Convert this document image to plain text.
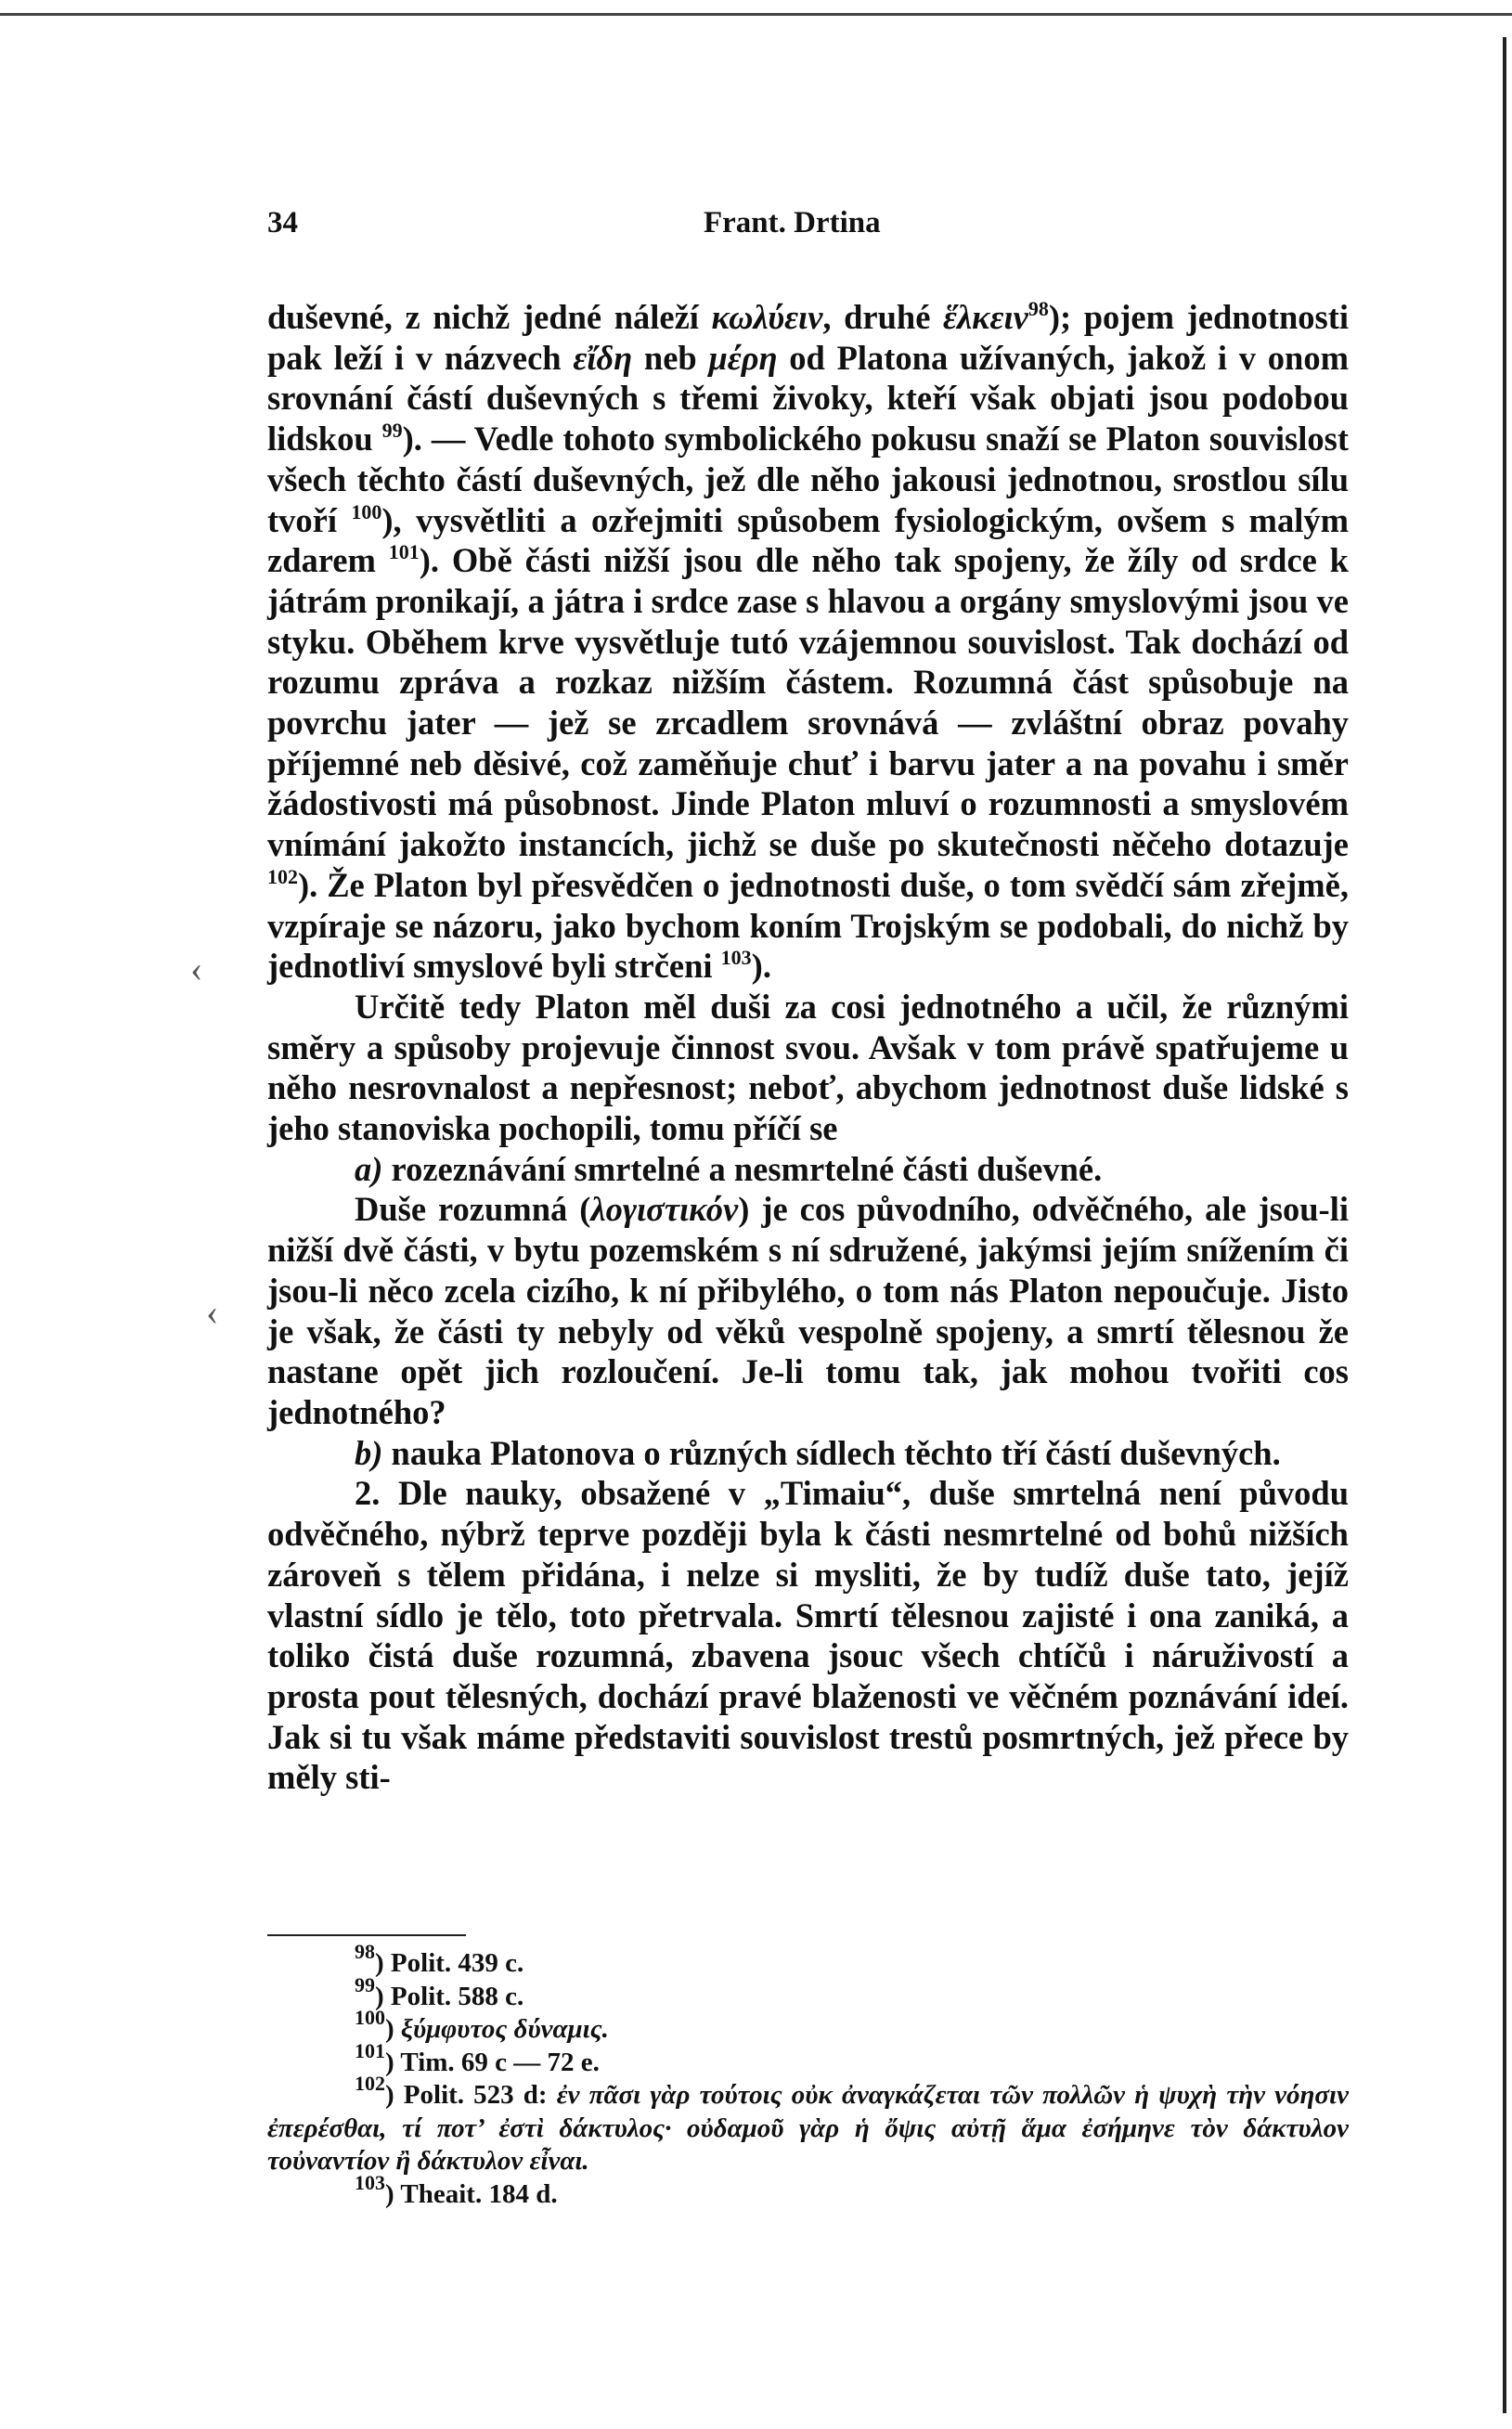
34	Frant. Drtina
‹
‹

duševné, z nichž jedné náleží κωλύειν, druhé ἕλκειν$^{98}$); pojem jednotnosti pak leží i v názvech εἴδη neb μέρη od Platona užívaných, jakož i v onom srovnání částí duševných s třemi živoky, kteří však objati jsou podobou lidskou $^{99}$). — Vedle tohoto symbolického pokusu snaží se Platon souvislost všech těchto částí duševných, jež dle něho jakousi jednotnou, srostlou sílu tvoří $^{100}$), vysvětliti a ozřejmiti spůsobem fysiologickým, ovšem s malým zdarem $^{101}$). Obě části nižší jsou dle něho tak spojeny, že žíly od srdce k játrám pronikají, a játra i srdce zase s hlavou a orgány smyslovými jsou ve styku. Oběhem krve vysvětluje tutó vzájemnou souvislost. Tak dochází od rozumu zpráva a rozkaz nižším částem. Rozumná část spůsobuje na povrchu jater — jež se zrcadlem srovnává — zvláštní obraz povahy příjemné neb děsivé, což zaměňuje chuť i barvu jater a na povahu i směr žádostivosti má působnost. Jinde Platon mluví o rozumnosti a smyslovém vnímání jakožto instancích, jichž se duše po skutečnosti něčeho dotazuje $^{102}$). Že Platon byl přesvědčen o jednotnosti duše, o tom svědčí sám zřejmě, vzpíraje se názoru, jako bychom koním Trojským se podobali, do nichž by jednotliví smyslové byli strčeni $^{103}$).

Určitě tedy Platon měl duši za cosi jednotného a učil, že různými směry a spůsoby projevuje činnost svou. Avšak v tom právě spatřujeme u něho nesrovnalost a nepřesnost; neboť, abychom jednotnost duše lidské s jeho stanoviska pochopili, tomu příčí se

a) rozeznávání smrtelné a nesmrtelné části duševné.

Duše rozumná (λογιστικόν) je cos původního, odvěčného, ale jsou-li nižší dvě části, v bytu pozemském s ní sdružené, jakýmsi jejím snížením či jsou-li něco zcela cizího, k ní přibylého, o tom nás Platon nepoučuje. Jisto je však, že části ty nebyly od věků vespolně spojeny, a smrtí tělesnou že nastane opět jich rozloučení. Je-li tomu tak, jak mohou tvořiti cos jednotného?

b) nauka Platonova o různých sídlech těchto tří částí duševných.

2. Dle nauky, obsažené v „Timaiu“, duše smrtelná není původu odvěčného, nýbrž teprve později byla k části nesmrtelné od bohů nižších zároveň s tělem přidána, i nelze si mysliti, že by tudíž duše tato, jejíž vlastní sídlo je tělo, toto přetrvala. Smrtí tělesnou zajisté i ona zaniká, a toliko čistá duše rozumná, zbavena jsouc všech chtíčů i náruživostí a prosta pout tělesných, dochází pravé blaženosti ve věčném poznávání ideí. Jak si tu však máme představiti souvislost trestů posmrtných, jež přece by měly sti-

$^{98}$) Polit. 439 c.
$^{99}$) Polit. 588 c.
$^{100}$) ξύμφυτος δύναμις.
$^{101}$) Tim. 69 c — 72 e.
$^{102}$) Polit. 523 d: ἐν πᾶσι γὰρ τούτοις οὐκ ἀναγκάζεται τῶν πολλῶν ἡ ψυχὴ τὴν νόησιν ἐπερέσθαι, τί ποτ’ ἐστὶ δάκτυλος· οὐδαμοῦ γὰρ ἡ ὄψις αὐτῇ ἅμα ἐσήμηνε τὸν δάκτυλον τοὐναντίον ἢ δάκτυλον εἶναι.
$^{103}$) Theait. 184 d.
